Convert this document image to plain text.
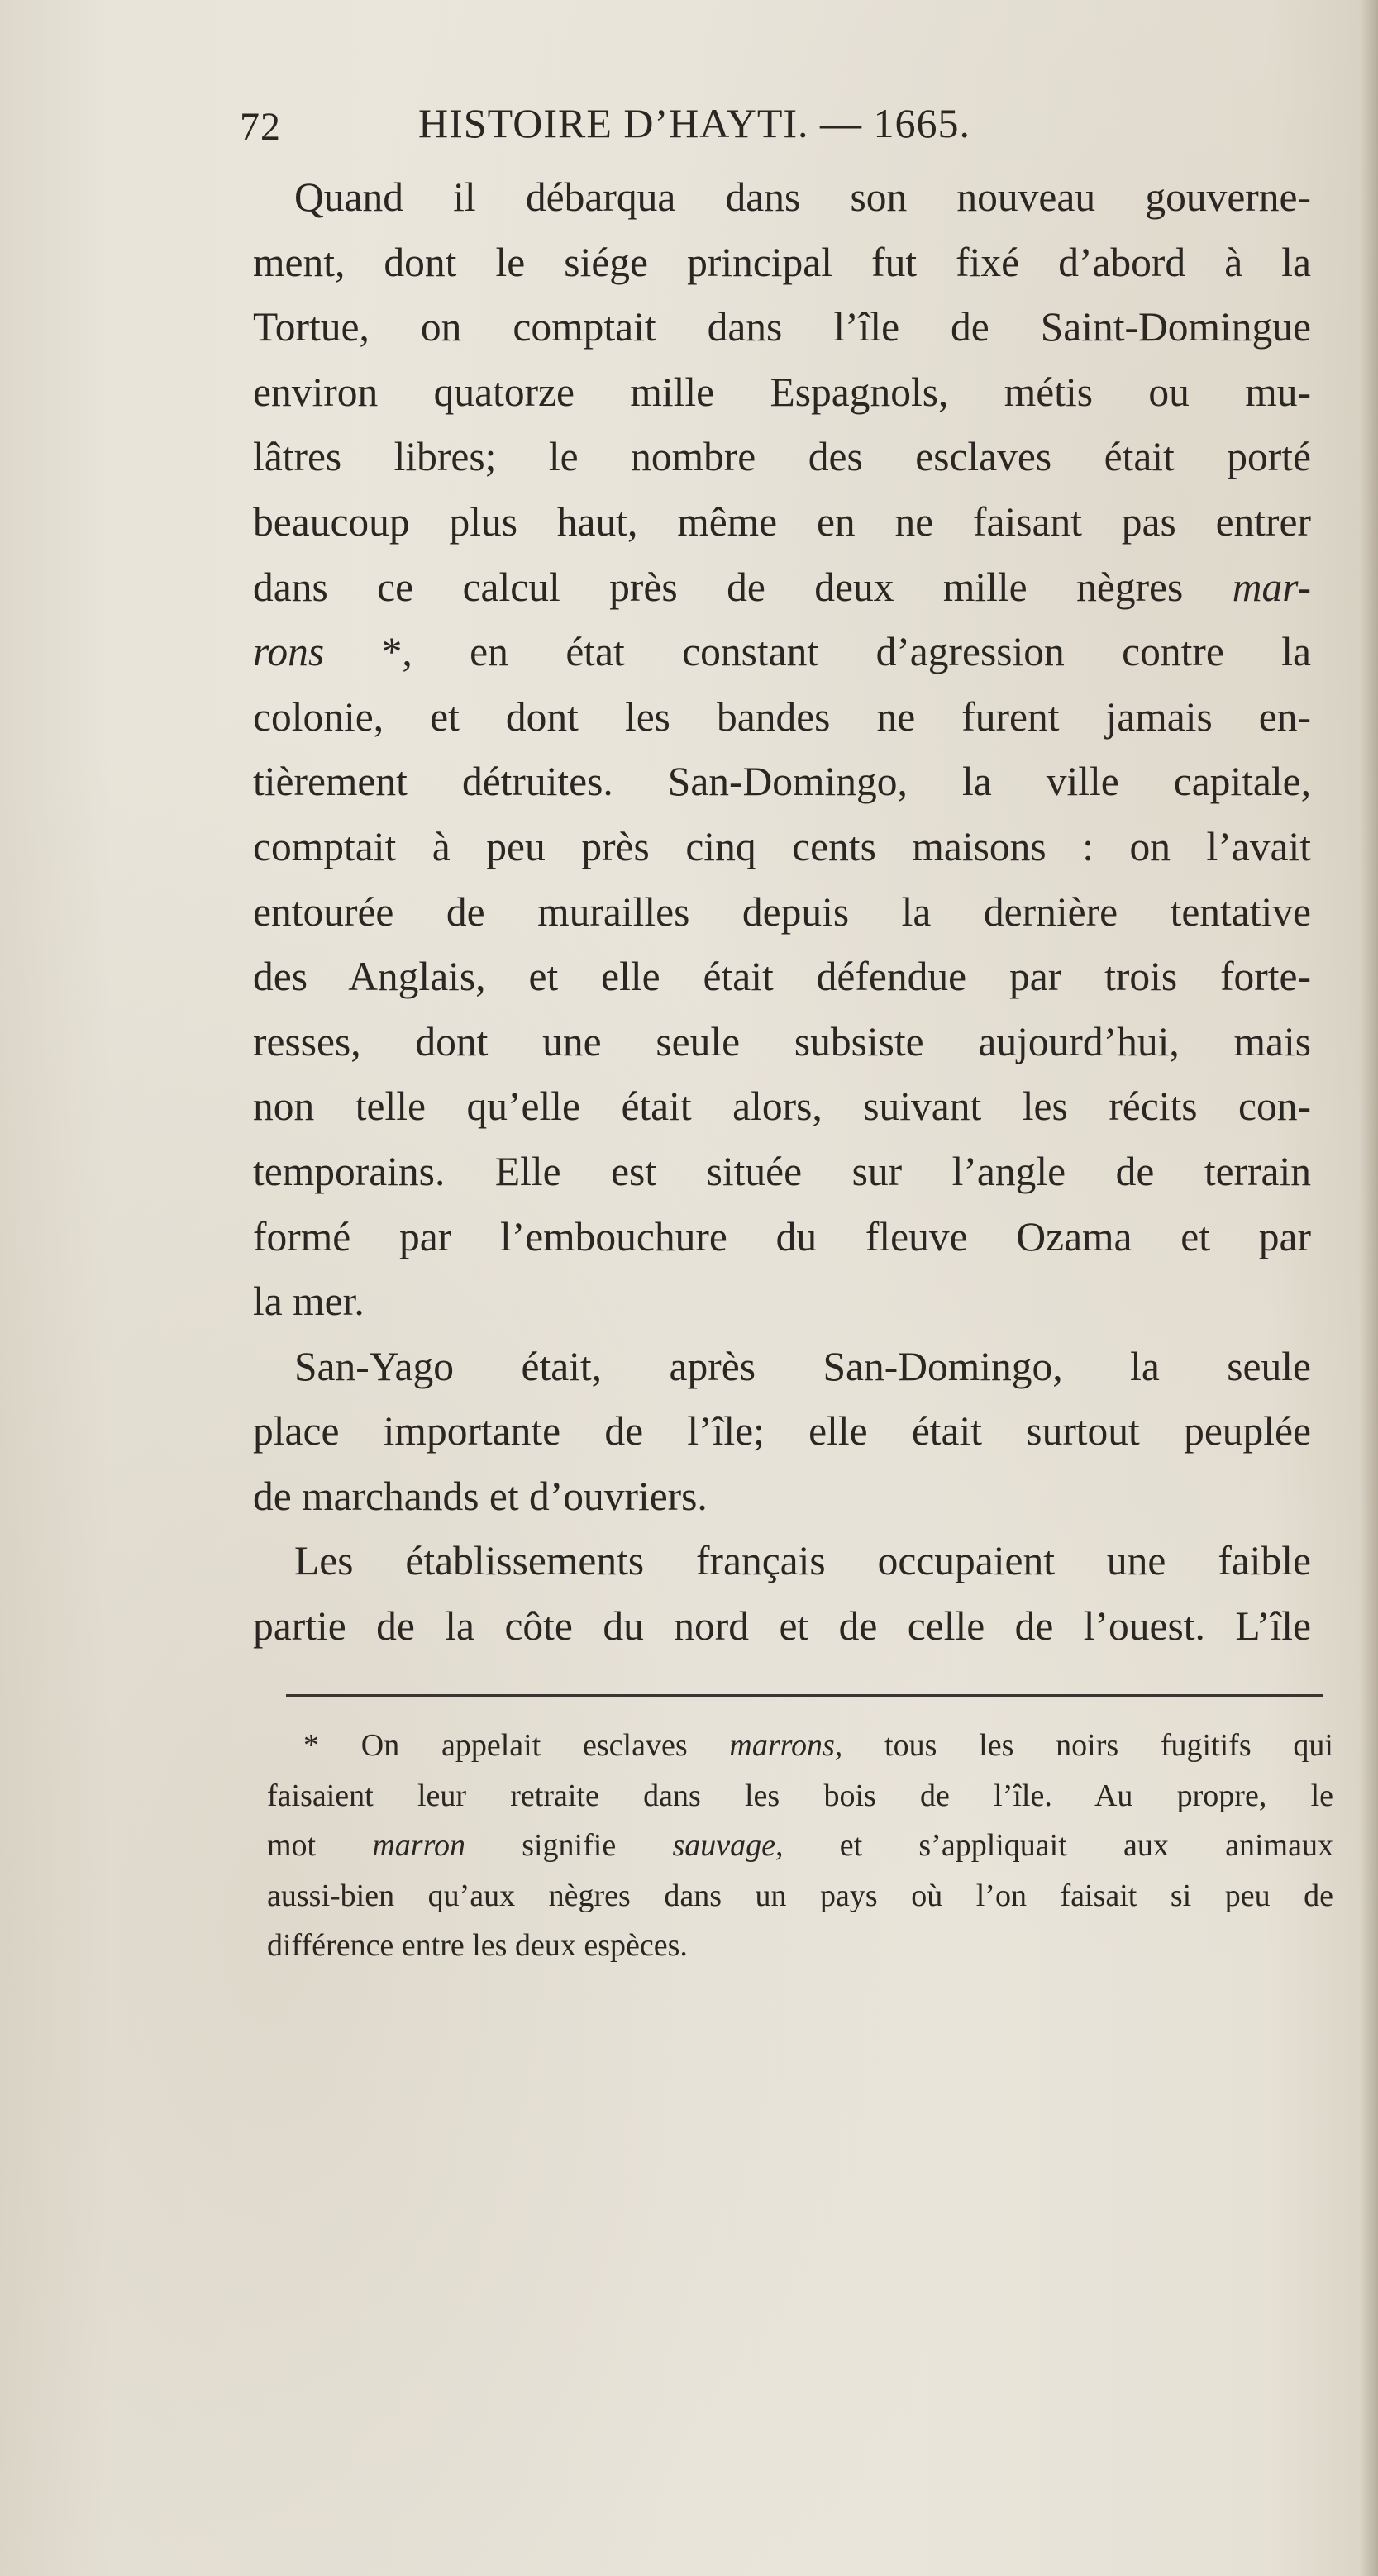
72	HISTOIRE D’HAYTI. — 1665.
Quand il débarqua dans son nouveau gouverne-
ment, dont le siége principal fut fixé d’abord à la
Tortue, on comptait dans l’île de Saint-Domingue
environ quatorze mille Espagnols, métis ou mu-
lâtres libres; le nombre des esclaves était porté
beaucoup plus haut, même en ne faisant pas entrer
dans ce calcul près de deux mille nègres mar-
rons *, en état constant d’agression contre la
colonie, et dont les bandes ne furent jamais en-
tièrement détruites. San-Domingo, la ville capitale,
comptait à peu près cinq cents maisons : on l’avait
entourée de murailles depuis la dernière tentative
des Anglais, et elle était défendue par trois forte-
resses, dont une seule subsiste aujourd’hui, mais
non telle qu’elle était alors, suivant les récits con-
temporains. Elle est située sur l’angle de terrain
formé par l’embouchure du fleuve Ozama et par
la mer.
San-Yago était, après San-Domingo, la seule
place importante de l’île; elle était surtout peuplée
de marchands et d’ouvriers.
Les établissements français occupaient une faible
partie de la côte du nord et de celle de l’ouest. L’île
* On appelait esclaves marrons, tous les noirs fugitifs qui
faisaient leur retraite dans les bois de l’île. Au propre, le
mot marron signifie sauvage, et s’appliquait aux animaux
aussi-bien qu’aux nègres dans un pays où l’on faisait si peu de
différence entre les deux espèces.
